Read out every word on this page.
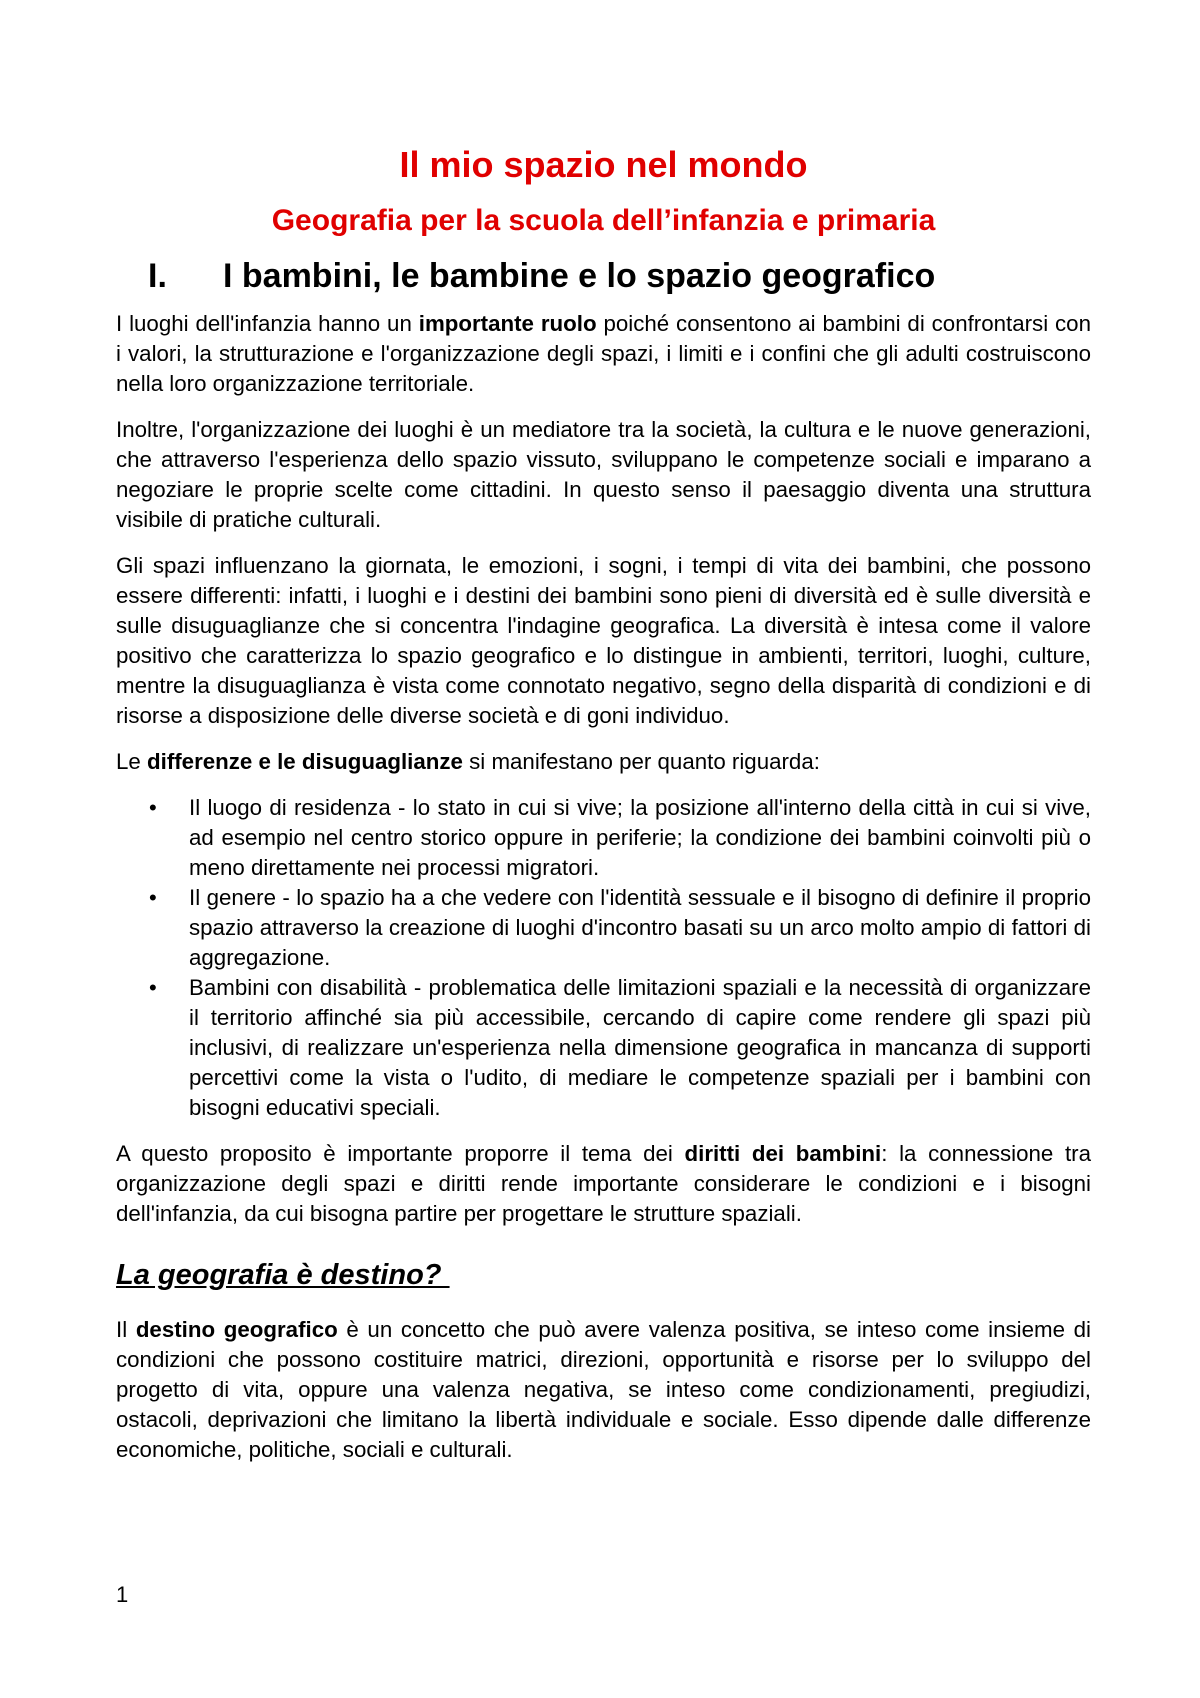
Il mio spazio nel mondo
Geografia per la scuola dell’infanzia e primaria
I.	I bambini, le bambine e lo spazio geografico

I luoghi dell'infanzia hanno un importante ruolo poiché consentono ai bambini di confrontarsi con i valori, la strutturazione e l'organizzazione degli spazi, i limiti e i confini che gli adulti costruiscono nella loro organizzazione territoriale.

Inoltre, l'organizzazione dei luoghi è un mediatore tra la società, la cultura e le nuove generazioni, che attraverso l'esperienza dello spazio vissuto, sviluppano le competenze sociali e imparano a negoziare le proprie scelte come cittadini. In questo senso il paesaggio diventa una struttura visibile di pratiche culturali.

Gli spazi influenzano la giornata, le emozioni, i sogni, i tempi di vita dei bambini, che possono essere differenti: infatti, i luoghi e i destini dei bambini sono pieni di diversità ed è sulle diversità e sulle disuguaglianze che si concentra l'indagine geografica. La diversità è intesa come il valore positivo che caratterizza lo spazio geografico e lo distingue in ambienti, territori, luoghi, culture, mentre la disuguaglianza è vista come connotato negativo, segno della disparità di condizioni e di risorse a disposizione delle diverse società e di goni individuo.

Le differenze e le disuguaglianze si manifestano per quanto riguarda:

• Il luogo di residenza - lo stato in cui si vive; la posizione all'interno della città in cui si vive, ad esempio nel centro storico oppure in periferie; la condizione dei bambini coinvolti più o meno direttamente nei processi migratori.
• Il genere - lo spazio ha a che vedere con l'identità sessuale e il bisogno di definire il proprio spazio attraverso la creazione di luoghi d'incontro basati su un arco molto ampio di fattori di aggregazione.
• Bambini con disabilità - problematica delle limitazioni spaziali e la necessità di organizzare il territorio affinché sia più accessibile, cercando di capire come rendere gli spazi più inclusivi, di realizzare un'esperienza nella dimensione geografica in mancanza di supporti percettivi come la vista o l'udito, di mediare le competenze spaziali per i bambini con bisogni educativi speciali.

A questo proposito è importante proporre il tema dei diritti dei bambini: la connessione tra organizzazione degli spazi e diritti rende importante considerare le condizioni e i bisogni dell'infanzia, da cui bisogna partire per progettare le strutture spaziali.

La geografia è destino?

Il destino geografico è un concetto che può avere valenza positiva, se inteso come insieme di condizioni che possono costituire matrici, direzioni, opportunità e risorse per lo sviluppo del progetto di vita, oppure una valenza negativa, se inteso come condizionamenti, pregiudizi, ostacoli, deprivazioni che limitano la libertà individuale e sociale. Esso dipende dalle differenze economiche, politiche, sociali e culturali.

1
